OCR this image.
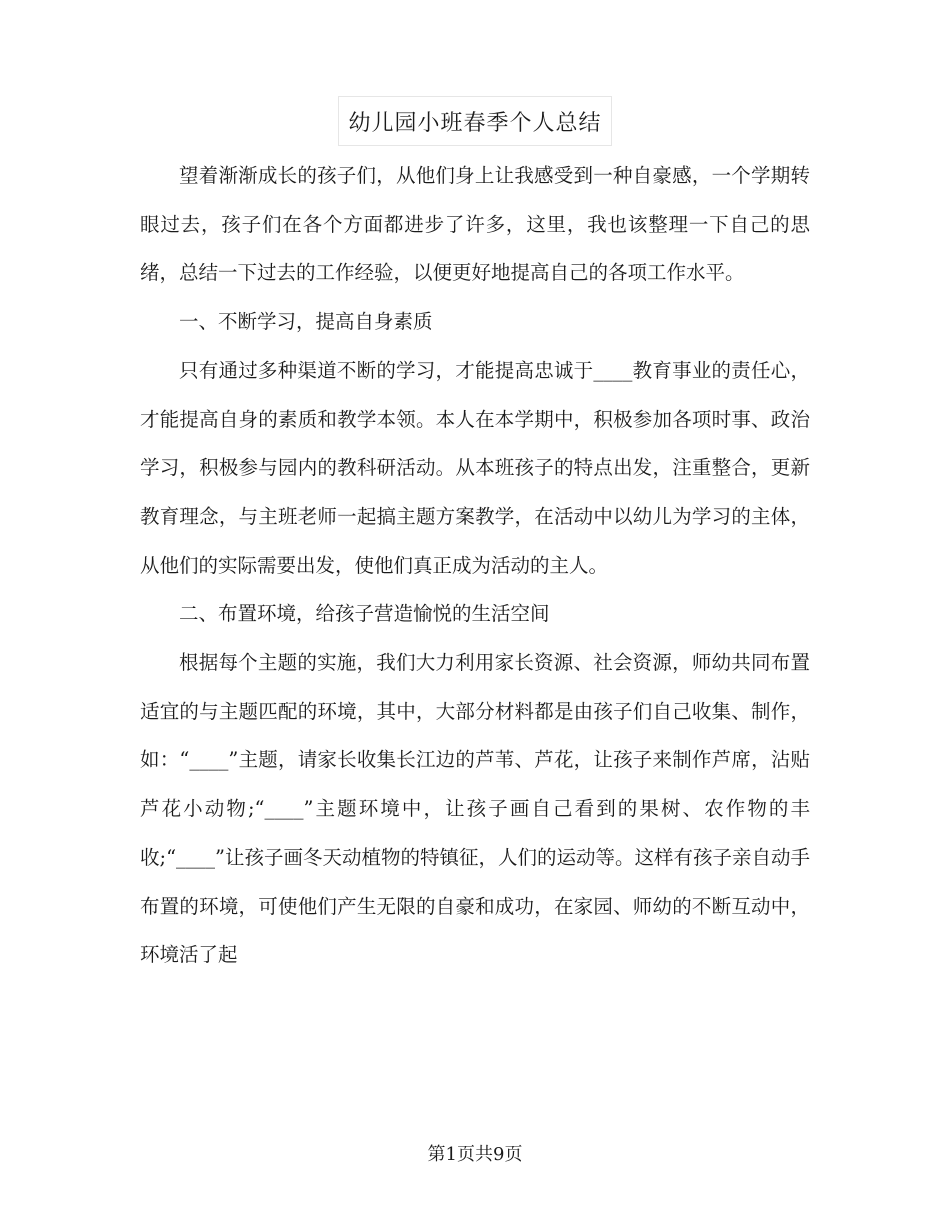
幼儿园小班春季个人总结

望着渐渐成长的孩子们，从他们身上让我感受到一种自豪感，一个学期转眼过去，孩子们在各个方面都进步了许多，这里，我也该整理一下自己的思绪，总结一下过去的工作经验，以便更好地提高自己的各项工作水平。

一、不断学习，提高自身素质

只有通过多种渠道不断的学习，才能提高忠诚于____教育事业的责任心，才能提高自身的素质和教学本领。本人在本学期中，积极参加各项时事、政治学习，积极参与园内的教科研活动。从本班孩子的特点出发，注重整合，更新教育理念，与主班老师一起搞主题方案教学，在活动中以幼儿为学习的主体，从他们的实际需要出发，使他们真正成为活动的主人。

二、布置环境，给孩子营造愉悦的生活空间

根据每个主题的实施，我们大力利用家长资源、社会资源，师幼共同布置适宜的与主题匹配的环境，其中，大部分材料都是由孩子们自己收集、制作，如：“____”主题，请家长收集长江边的芦苇、芦花，让孩子来制作芦席，沾贴芦花小动物;“____”主题环境中，让孩子画自己看到的果树、农作物的丰收;“____”让孩子画冬天动植物的特镇征，人们的运动等。这样有孩子亲自动手布置的环境，可使他们产生无限的自豪和成功，在家园、师幼的不断互动中，环境活了起

第1页共9页
